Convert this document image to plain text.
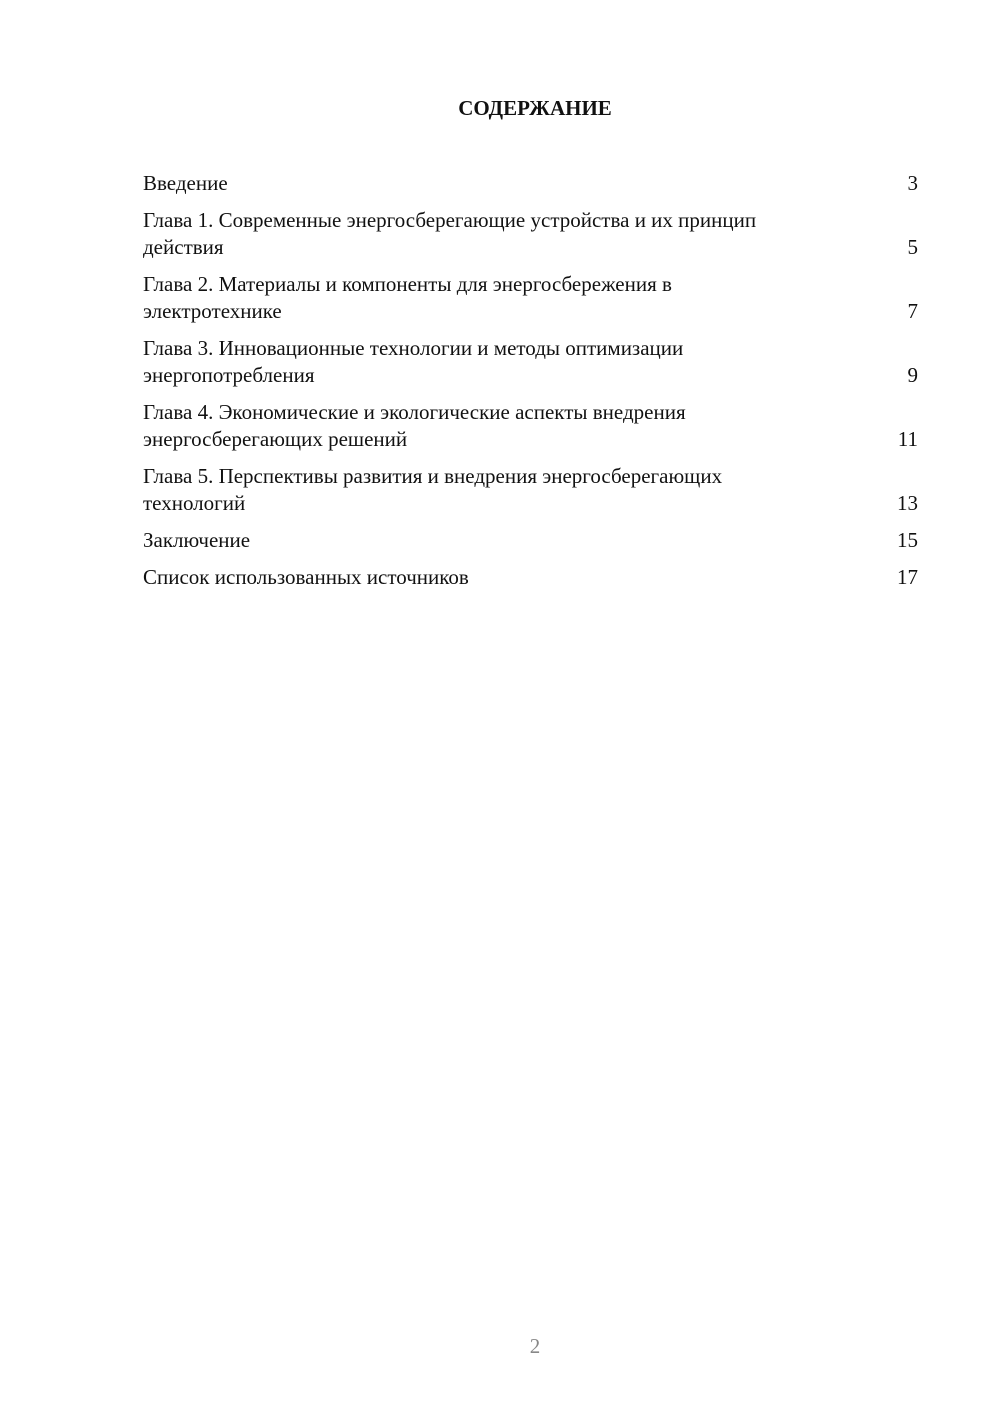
СОДЕРЖАНИЕ
Введение	3
Глава 1. Современные энергосберегающие устройства и их принцип действия	5
Глава 2. Материалы и компоненты для энергосбережения в электротехнике	7
Глава 3. Инновационные технологии и методы оптимизации энергопотребления	9
Глава 4. Экономические и экологические аспекты внедрения энергосберегающих решений	11
Глава 5. Перспективы развития и внедрения энергосберегающих технологий	13
Заключение	15
Список использованных источников	17
2
